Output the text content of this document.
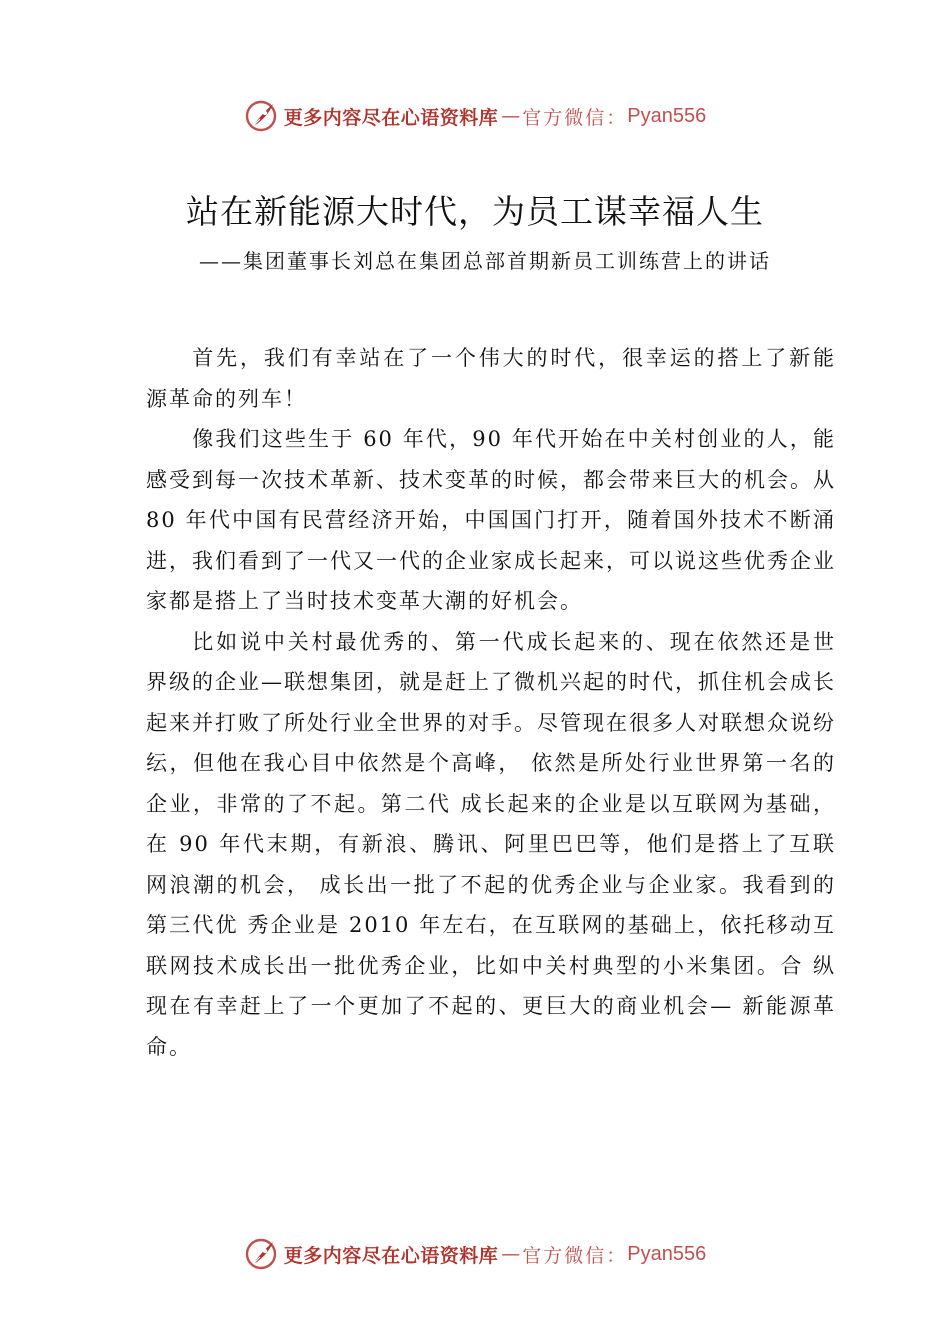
更多内容尽在心语资料库 — 官方微信： Pyan556
站在新能源大时代，为员工谋幸福人生
——集团董事长刘总在集团总部首期新员工训练营上的讲话

首先，我们有幸站在了一个伟大的时代，很幸运的搭上了新能源革命的列车！

像我们这些生于 60 年代，90 年代开始在中关村创业的人，能感受到每一次技术革新、技术变革的时候，都会带来巨大的机会。从 80 年代中国有民营经济开始，中国国门打开，随着国外技术不断涌进，我们看到了一代又一代的企业家成长起来，可以说这些优秀企业家都是搭上了当时技术变革大潮的好机会。

比如说中关村最优秀的、第一代成长起来的、现在依然还是世界级的企业—联想集团，就是赶上了微机兴起的时代，抓住机会成长起来并打败了所处行业全世界的对手。尽管现在很多人对联想众说纷纭，但他在我心目中依然是个高峰， 依然是所处行业世界第一名的企业，非常的了不起。第二代 成长起来的企业是以互联网为基础，在 90 年代末期，有新浪、腾讯、阿里巴巴等，他们是搭上了互联网浪潮的机会， 成长出一批了不起的优秀企业与企业家。我看到的第三代优 秀企业是 2010 年左右，在互联网的基础上，依托移动互联网技术成长出一批优秀企业，比如中关村典型的小米集团。合 纵现在有幸赶上了一个更加了不起的、更巨大的商业机会— 新能源革命。

更多内容尽在心语资料库 — 官方微信： Pyan556
